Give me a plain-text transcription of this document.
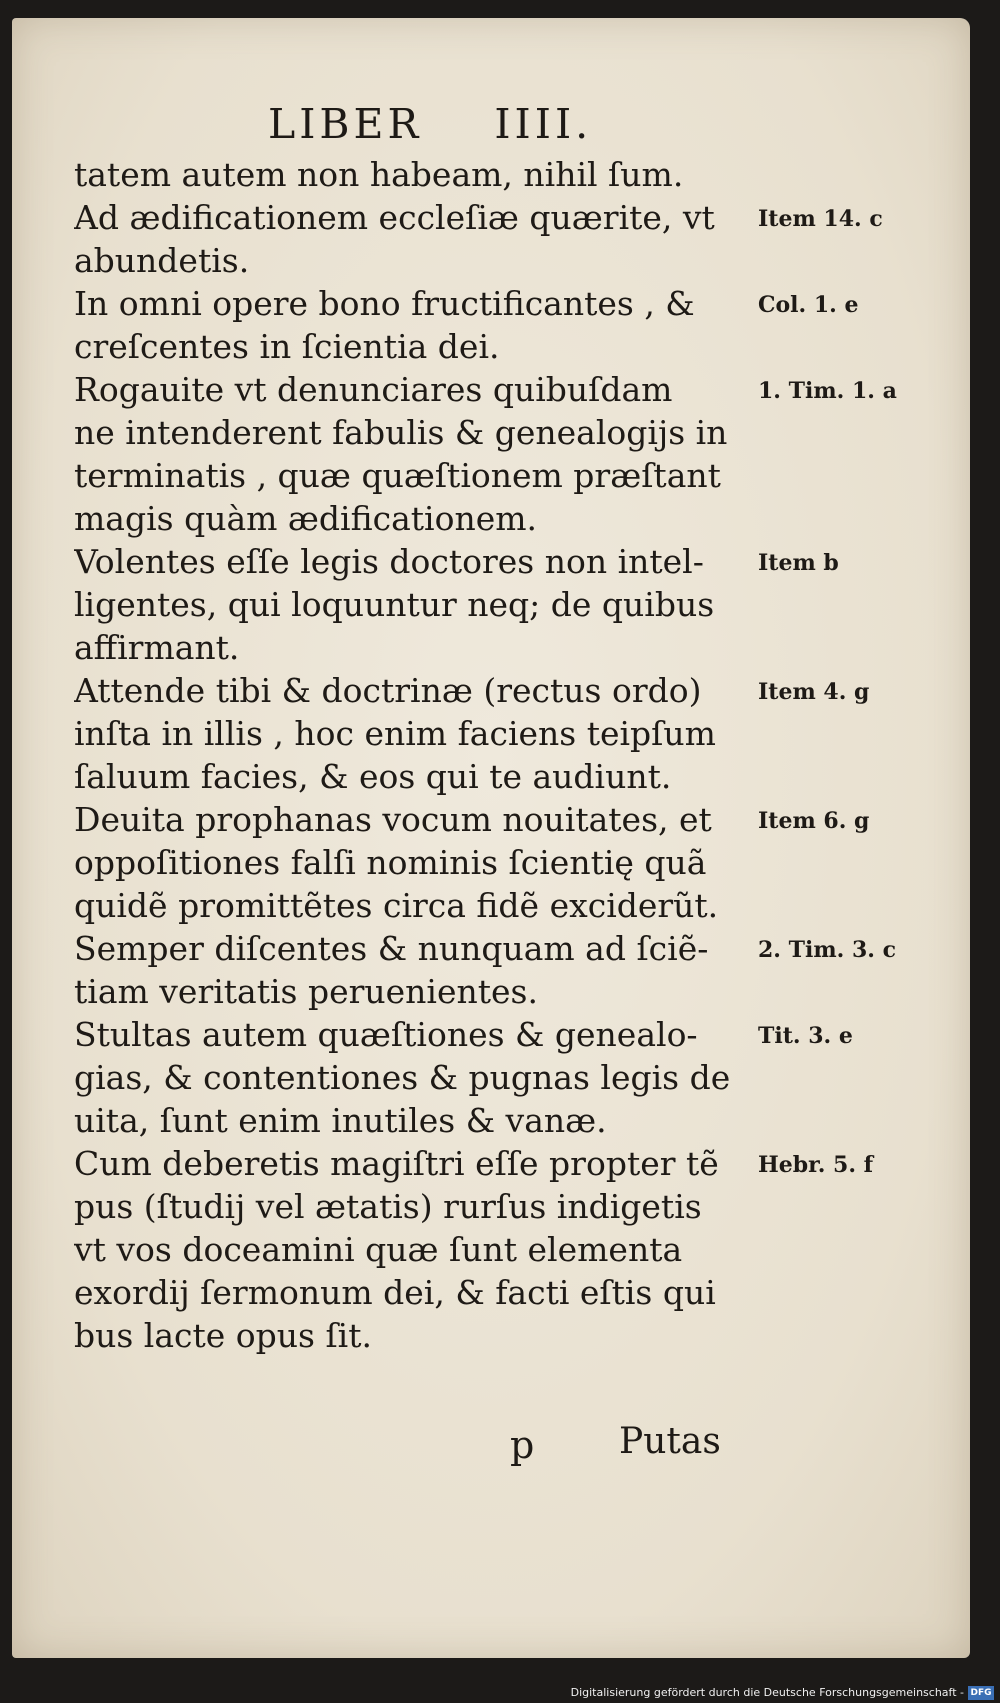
LIBER IIII.
tatem autem non habeam, nihil ſum.
Ad ædificationem eccleſiæ quærite, vt
abundetis.
In omni opere bono fructificantes , &
creſcentes in ſcientia dei.
Rogauite vt denunciares quibuſdam
ne intenderent fabulis & genealogijs in
terminatis , quæ quæſtionem præſtant
magis quàm ædificationem.
Volentes eſſe legis doctores non intel-
ligentes, qui loquuntur neq; de quibus
affirmant.
Attende tibi & doctrinæ (rectus ordo)
inſta in illis , hoc enim faciens teipſum
ſaluum facies, & eos qui te audiunt.
Deuita prophanas vocum nouitates, et
oppoſitiones falſi nominis ſcientię quã
quidẽ promittẽtes circa fidẽ exciderũt.
Semper diſcentes & nunquam ad ſciẽ-
tiam veritatis peruenientes.
Stultas autem quæſtiones & genealo-
gias, & contentiones & pugnas legis de
uita, ſunt enim inutiles & vanæ.
Cum deberetis magiſtri eſſe propter tẽ
pus (ſtudij vel ætatis) rurſus indigetis
vt vos doceamini quæ ſunt elementa
exordij ſermonum dei, & facti eſtis qui
bus lacte opus ſit.
Item 14. c
Col. 1. e
1. Tim. 1. a
Item b
Item 4. g
Item 6. g
2. Tim. 3. c
Tit. 3. e
Hebr. 5. f
p Putas
Digitalisierung gefördert durch die Deutsche Forschungsgemeinschaft - DFG
